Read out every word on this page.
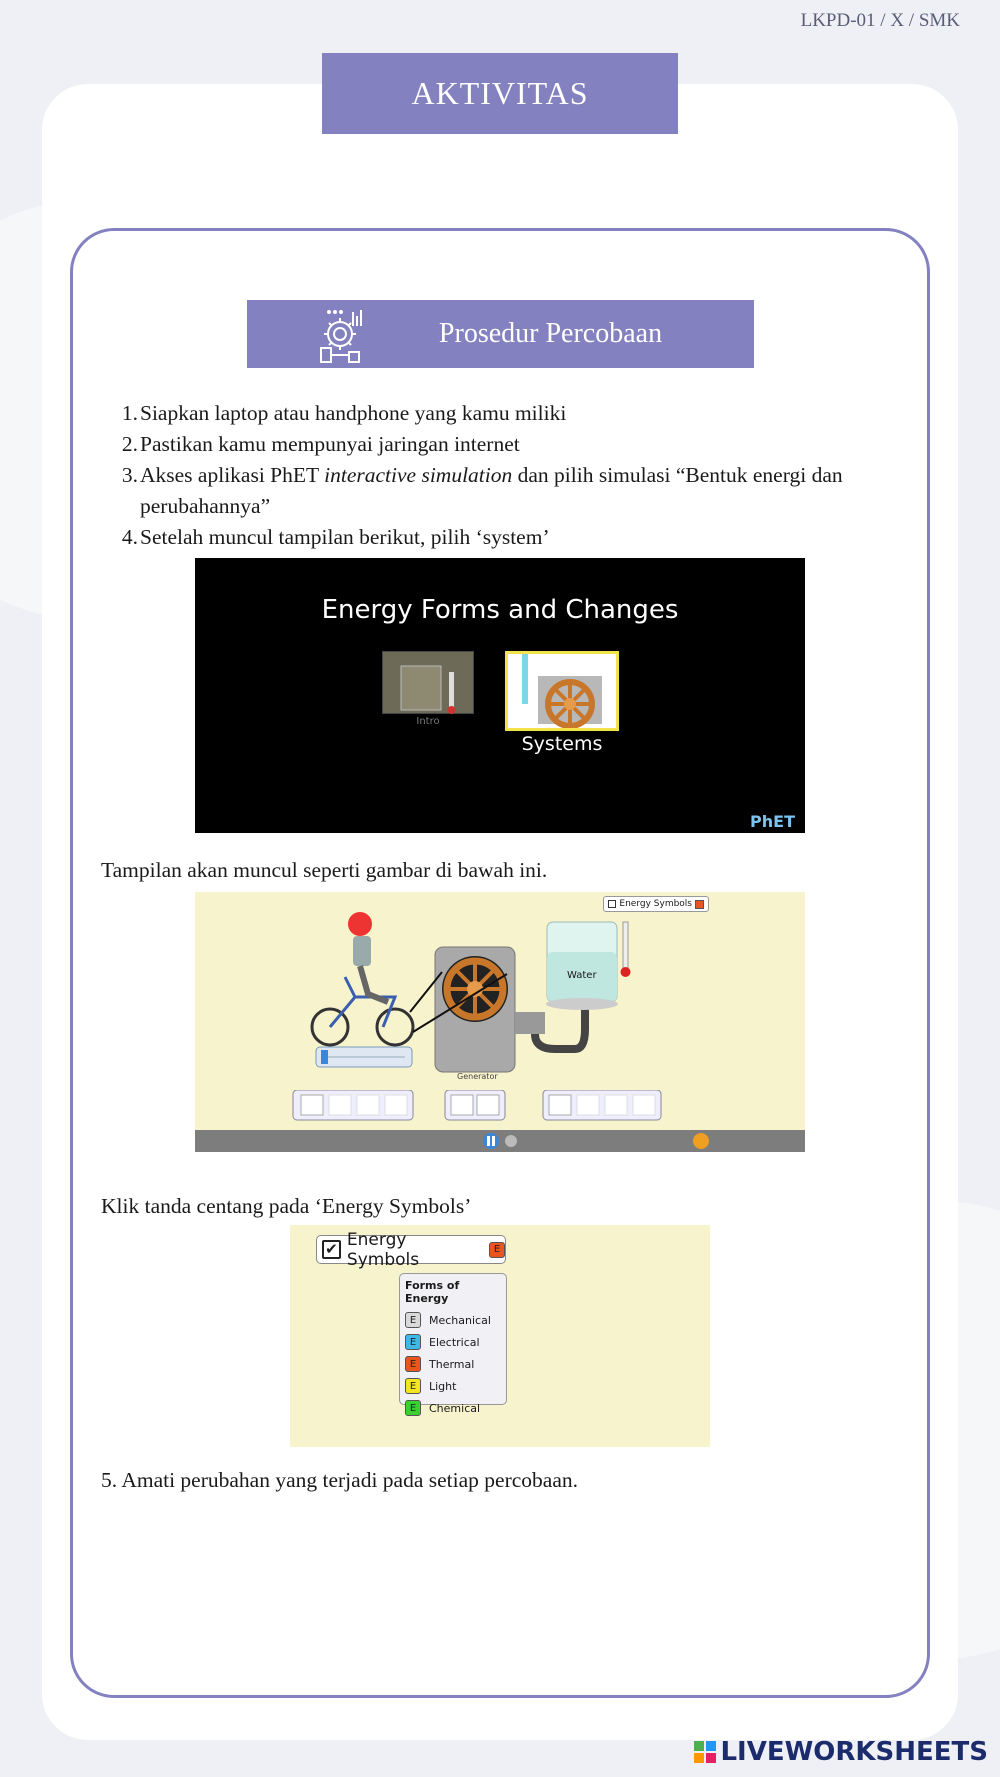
LKPD-01 / X / SMK
AKTIVITAS
Prosedur Percobaan
1. Siapkan laptop atau handphone yang kamu miliki
2. Pastikan kamu mempunyai jaringan internet
3. Akses aplikasi PhET interactive simulation dan pilih simulasi “Bentuk energi dan perubahannya”
4. Setelah muncul tampilan berikut, pilih ‘system’
Energy Forms and Changes
Intro
Systems
PhET
Tampilan akan muncul seperti gambar di bawah ini.
Energy Symbols
Water
Generator
Klik tanda centang pada ‘Energy Symbols’
✔ Energy Symbols	E
Forms of Energy
E	Mechanical
E	Electrical
E	Thermal
E	Light
E	Chemical
5. Amati perubahan yang terjadi pada setiap percobaan.
LIVEWORKSHEETS
